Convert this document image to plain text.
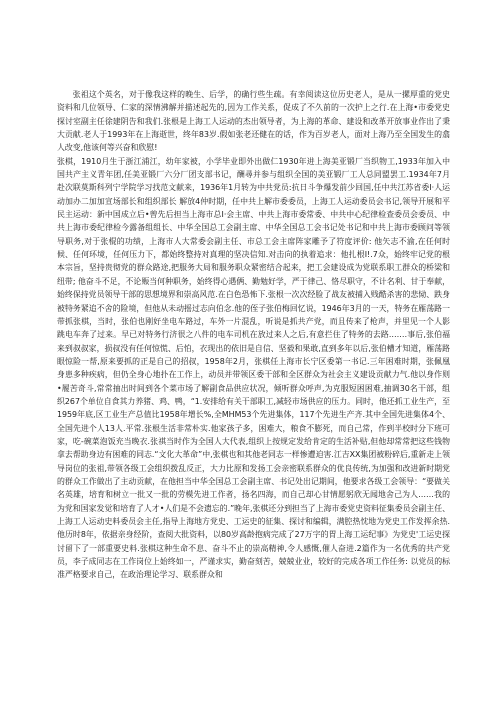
张祖这个英名，对于像我这样的晚生、后学，的确行些生疏。有幸阅读这位历史老人，是从一摞厚重的党史资料和几位领导、仁家的深情沸解并描述起先的,因为工作关系，促成了不久前的一次护上之行.在上海•市委党史探讨室副主任徐建阴告和我们.张根是上海工人运动的杰出领导者，为上海的革命、建设和改革开放事业作出了秉大贡献.老人于1993年在上海逝世，终年83岁.假如张老还健在的话，作为百岁老人，面对上海乃至全国发生的翕人改变,他该何等兴奋和欣慰!

张棋，1910月生于浙江浦江，幼年家被，小学毕业即外出做仁1930年进上海美亚锻厂当织物工,1933年加入中国共产主义青年团,任美亚锻厂六分厂团支部书记，酬尋并参与组织全国的美亚锻厂工人总同盟罢工.1934年7月赴次联莫斯科列宁学院学习找范文献来，1936年1月转为中共党员:抗日斗争爆发前少回国,任中共江苏省委I·人运动加办二加加宣场部长和组织部长 解放4仲时期，任中共上解市委委员，上海工人运动委员会书记,领导开展和平民主运动：新中国成立后•曾先后担当上海市总I·会主席、中共上海市委常委、中共中心纪律检查委员会委员、中共上海市委纪律检今露备组组长、中华全国总工会副主席、中华全国总工会书记处书记和中共上海市委顾问等领导职务,对于张棍的功绩，上海市人大常委会副主任、市总工会主席阵家雕予了符度评价: 他矢志不渝,在任何时候、任何环境，任何压力下，都始终整持对真理的坚决信知.对击向的执着追求：他扎根I!.7众，始终牢记党的根本宗旨，坚持贵彻党的群众路途,把服务大局和服务职众紧密结合起来，把工会建设成为党联系职工群众的桥梁和纽带; 他奋斗不足，不论赈当何种职务，始终得心遇俩、勤勉好学，严于律己、恪尽职守，不计名利、甘于奉献，始终保持党员领导干部的思想境界和崇高风范.在白色恐怖下.张根一次次经脸了战友被捕入贱酷杀害的悲恸、跌身被特务紧追不舍的险境，但他从未动摇过志向伯念.他的侄子张伯梅回忆说，1946年3月的一天，特务在雁荡路一带抓张棋，当时，张伯也刚好坐电车路过，车外一片混乱，听说是抓共产党，而且传来了枪声，并里见一个人影跳电车奔了过来。早已对特务行济很之八件的电车司机在放过来人之后,有意拦住了特务的去路.……事后,张伯福来到叔叔家，损叔没有任何惊慌、后怕，衣现出的依旧是自信、坚毅和果敢,直到多年以后,张伯槽才知道，雁荡路眼惊险一帮,原来要抓的正是自己的招叔，1958年2月，张棋任上海市长宁区委第一书记.三年困难时期，张佩凰身患多种疾病，但仍全身心地扑在工作上，动员并带领区委干部和全区群众为社会主义建设贡献力气.他以身作则•履苦奇斗,常常抽出时间到各个菜市场了解副食品供应状况，倾听群众呼声,为克服短困困难,抽调30名干部，组织267个单位自食其力养猪、鸡、鸭，“1.安排给有关干部职工,减轻市场供应的压力。同时，他还抓工业生产，至1959年底,区工业生产总值比1958年增长%,全MHM53个先进集体，117个先进生产齐.其中全国先进集体4个、全国先进个人13人.平常.张根生活非常朴实.他家孩子多，困难大，粮食不膨死，而自己常，作到半校时分下班可家，吃-碗菜泡饭充当晚衣.张祺当时作为全国人大代表,组织上按规定发给肯定的生活补贴,但他却常常把这些钱物拿去帮助身边有困难的同志.“文化大革命”中,张棋也和其他老同志一样惨遭迫害.江吉XX集团被粉碎后,重新走上领导岗位的张祖,带领各级工会组织拨乱反正，大力比原和发扬工会亲密联系群众的优良传统,为加强和改进新时期党的群众工作做出了主动贡献，在他担当中华全国总工会副主席、书记处出记期间，他要求各级工会领导：“要做关名英雄，培育和树立一批又一批的劳模先进工作者，扬名四海，而自己却心甘情愿躬欣无闻地舍己为人……我的为党和国家发觉和培育了人才•人们是不会遗忘的.”晚年,张棋还分到担当了上海市委党史资料征集委员会副主任、上海工人运动史料委员会主任,指导上海地方党史、工运史的征集、探讨和编辑，满腔热忱地为党史工作发挥余热.他历时8年，依据亲身经阶，查阅大批资料，以80岁高龄抱病完成了27万字的胃上海工运纪事》为党史'工运史探讨留下了一部重要史料.张棋这种生命不息、奋斗不止的崇高精神,令人感慨,催人奋进.2篇作为一名优秀的共产党员，李子成同志在工作岗位上始终如一，严谨求实，勤奋刻苦，兢兢业业，较好的完成各项工作任务: 以党员的标准严格要求自己，在政治理论学习、联系群众和
